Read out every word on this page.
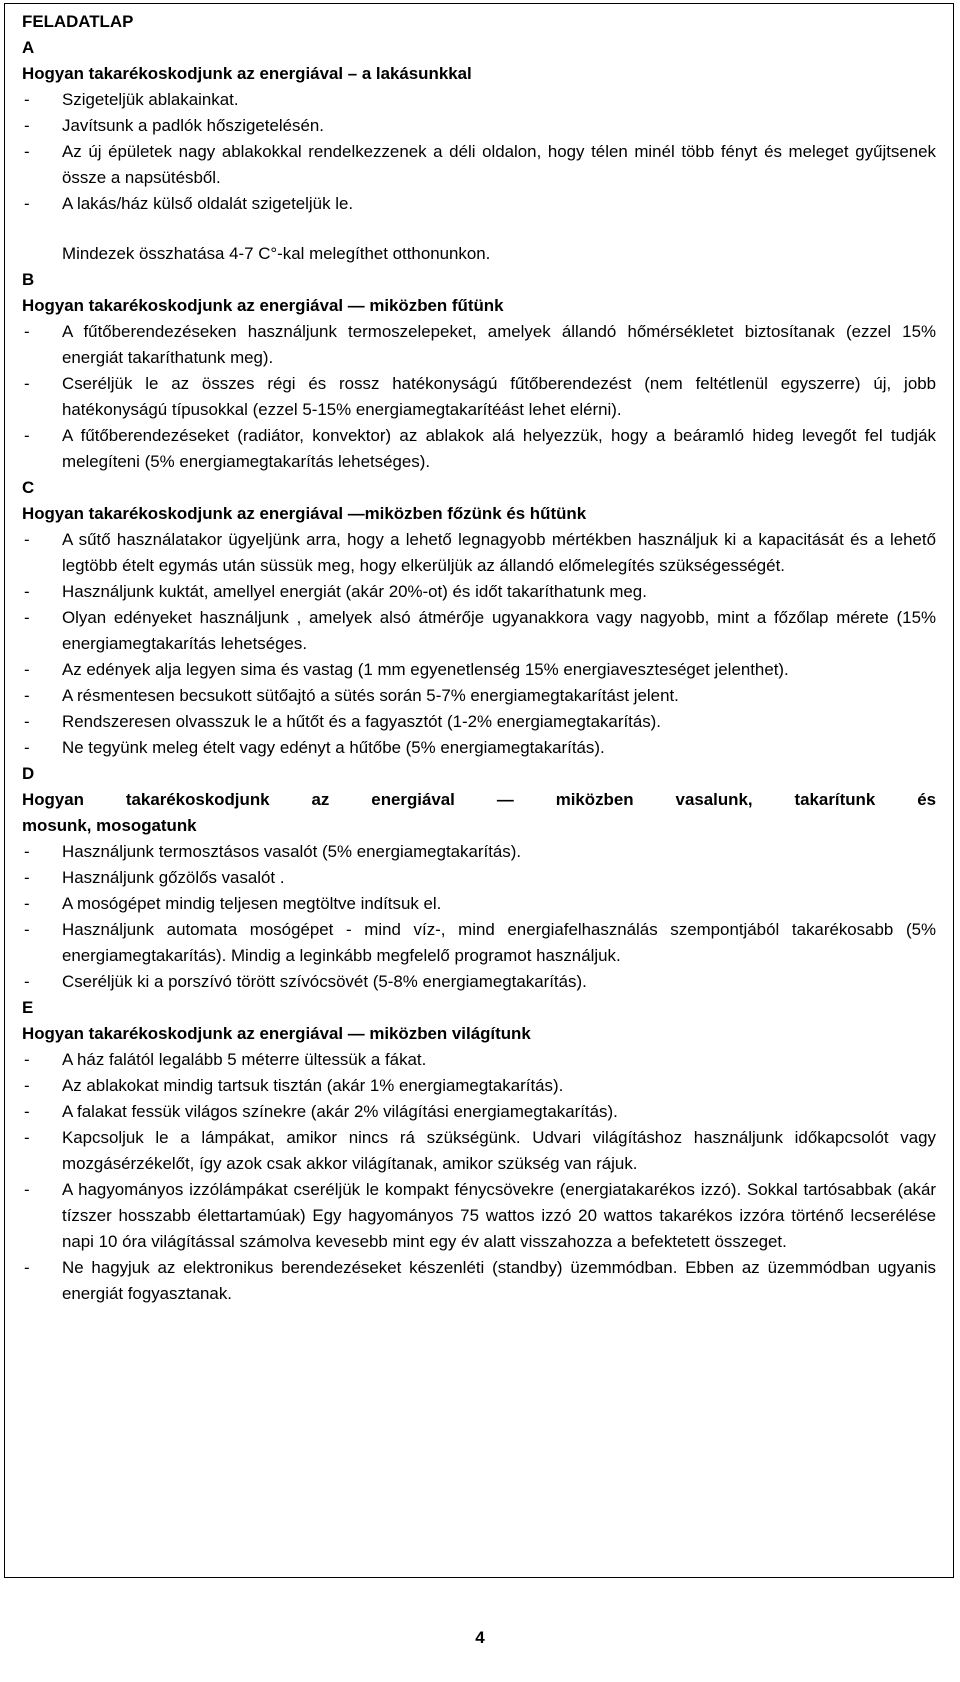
FELADATLAP
A
Hogyan takarékoskodjunk az energiával – a lakásunkkal
-	Szigeteljük ablakainkat.
-	Javítsunk a padlók hőszigetelésén.
-	Az új épületek nagy ablakokkal rendelkezzenek a déli oldalon, hogy télen minél több fényt és meleget gyűjtsenek össze a napsütésből.
-	A lakás/ház külső oldalát szigeteljük le.
Mindezek összhatása 4-7 C°-kal melegíthet otthonunkon.
B
Hogyan takarékoskodjunk az energiával — miközben fűtünk
-	A fűtőberendezéseken használjunk termoszelepeket, amelyek állandó hőmérsékletet biztosítanak (ezzel 15% energiát takaríthatunk meg).
-	Cseréljük le az összes régi és rossz hatékonyságú fűtőberendezést (nem feltétlenül egyszerre) új, jobb hatékonyságú típusokkal (ezzel 5-15% energiamegtakarítéást lehet elérni).
-	A fűtőberendezéseket (radiátor, konvektor) az ablakok alá helyezzük, hogy a beáramló hideg levegőt fel tudják melegíteni (5% energiamegtakarítás lehetséges).
C
Hogyan takarékoskodjunk az energiával —miközben főzünk és hűtünk
-	A sűtő használatakor ügyeljünk arra, hogy a lehető legnagyobb mértékben használjuk ki a kapacitását és a lehető legtöbb ételt egymás után süssük meg, hogy elkerüljük az állandó előmelegítés szükségességét.
-	Használjunk kuktát, amellyel energiát (akár 20%-ot) és időt takaríthatunk meg.
-	Olyan edényeket használjunk , amelyek alsó átmérője ugyanakkora vagy nagyobb, mint a főzőlap mérete (15% energiamegtakarítás lehetséges.
-	Az edények alja legyen sima és vastag (1 mm egyenetlenség 15% energiaveszteséget jelenthet).
-	A résmentesen becsukott sütőajtó a sütés során 5-7% energiamegtakarítást jelent.
-	Rendszeresen olvasszuk le a hűtőt és a fagyasztót (1-2% energiamegtakarítás).
-	Ne tegyünk meleg ételt vagy edényt a hűtőbe (5% energiamegtakarítás).
D
Hogyan takarékoskodjunk az energiával — miközben vasalunk, takarítunk és
mosunk, mosogatunk
-	Használjunk termosztásos vasalót (5% energiamegtakarítás).
-	Használjunk gőzölős vasalót .
-	A mosógépet mindig teljesen megtöltve indítsuk el.
-	Használjunk automata mosógépet - mind víz-, mind energiafelhasználás szempontjából takarékosabb (5% energiamegtakarítás). Mindig a leginkább megfelelő programot használjuk.
-	Cseréljük ki a porszívó törött szívócsövét (5-8% energiamegtakarítás).
E
Hogyan takarékoskodjunk az energiával — miközben világítunk
-	A ház falától legalább 5 méterre ültessük a fákat.
-	Az ablakokat mindig tartsuk tisztán (akár 1% energiamegtakarítás).
-	A falakat fessük világos színekre (akár 2% világítási energiamegtakarítás).
-	Kapcsoljuk le a lámpákat, amikor nincs rá szükségünk. Udvari világításhoz használjunk időkapcsolót vagy mozgásérzékelőt, így azok csak akkor világítanak, amikor szükség van rájuk.
-	A hagyományos izzólámpákat cseréljük le kompakt fénycsövekre (energiatakarékos izzó). Sokkal tartósabbak (akár tízszer hosszabb élettartamúak) Egy hagyományos 75 wattos izzó 20 wattos takarékos izzóra történő lecserélése napi 10 óra világítással számolva kevesebb mint egy év alatt visszahozza a befektetett összeget.
-	Ne hagyjuk az elektronikus berendezéseket készenléti (standby) üzemmódban. Ebben az üzemmódban ugyanis energiát fogyasztanak.
4
